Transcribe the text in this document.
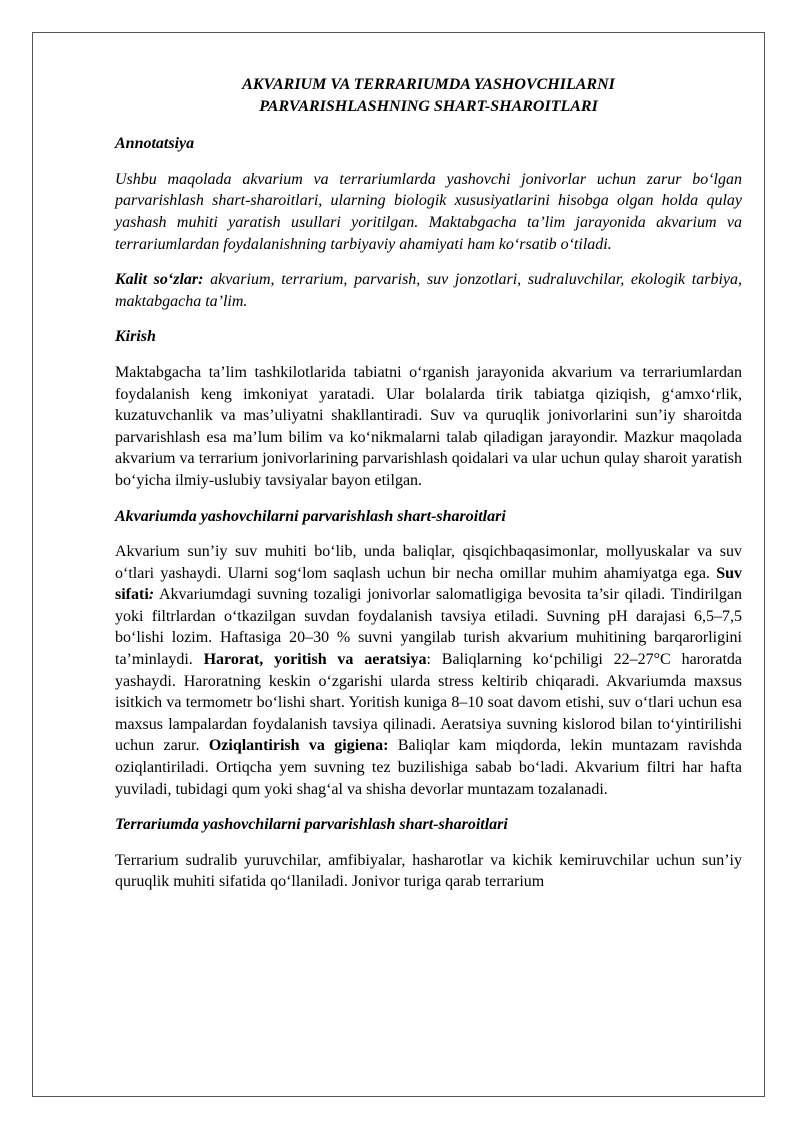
AKVARIUM VA TERRARIUMDA YASHOVCHILARNI
PARVARISHLASHNING SHART-SHAROITLARI
Annotatsiya

Ushbu maqolada akvarium va terrariumlarda yashovchi jonivorlar uchun zarur bo‘lgan parvarishlash shart-sharoitlari, ularning biologik xususiyatlarini hisobga olgan holda qulay yashash muhiti yaratish usullari yoritilgan. Maktabgacha ta’lim jarayonida akvarium va terrariumlardan foydalanishning tarbiyaviy ahamiyati ham ko‘rsatib o‘tiladi.

Kalit so‘zlar: akvarium, terrarium, parvarish, suv jonzotlari, sudraluvchilar, ekologik tarbiya, maktabgacha ta’lim.

Kirish

Maktabgacha ta’lim tashkilotlarida tabiatni o‘rganish jarayonida akvarium va terrariumlardan foydalanish keng imkoniyat yaratadi. Ular bolalarda tirik tabiatga qiziqish, g‘amxo‘rlik, kuzatuvchanlik va mas’uliyatni shakllantiradi. Suv va quruqlik jonivorlarini sun’iy sharoitda parvarishlash esa ma’lum bilim va ko‘nikmalarni talab qiladigan jarayondir. Mazkur maqolada akvarium va terrarium jonivorlarining parvarishlash qoidalari va ular uchun qulay sharoit yaratish bo‘yicha ilmiy-uslubiy tavsiyalar bayon etilgan.

Akvariumda yashovchilarni parvarishlash shart-sharoitlari

Akvarium sun’iy suv muhiti bo‘lib, unda baliqlar, qisqichbaqasimonlar, mollyuskalar va suv o‘tlari yashaydi. Ularni sog‘lom saqlash uchun bir necha omillar muhim ahamiyatga ega. Suv sifati: Akvariumdagi suvning tozaligi jonivorlar salomatligiga bevosita ta’sir qiladi. Tindirilgan yoki filtrlardan o‘tkazilgan suvdan foydalanish tavsiya etiladi. Suvning pH darajasi 6,5–7,5 bo‘lishi lozim. Haftasiga 20–30 % suvni yangilab turish akvarium muhitining barqarorligini ta’minlaydi. Harorat, yoritish va aeratsiya: Baliqlarning ko‘pchiligi 22–27°C haroratda yashaydi. Haroratning keskin o‘zgarishi ularda stress keltirib chiqaradi. Akvariumda maxsus isitkich va termometr bo‘lishi shart. Yoritish kuniga 8–10 soat davom etishi, suv o‘tlari uchun esa maxsus lampalardan foydalanish tavsiya qilinadi. Aeratsiya suvning kislorod bilan to‘yintirilishi uchun zarur. Oziqlantirish va gigiena: Baliqlar kam miqdorda, lekin muntazam ravishda oziqlantiriladi. Ortiqcha yem suvning tez buzilishiga sabab bo‘ladi. Akvarium filtri har hafta yuviladi, tubidagi qum yoki shag‘al va shisha devorlar muntazam tozalanadi.

Terrariumda yashovchilarni parvarishlash shart-sharoitlari

Terrarium sudralib yuruvchilar, amfibiyalar, hasharotlar va kichik kemiruvchilar uchun sun’iy quruqlik muhiti sifatida qo‘llaniladi. Jonivor turiga qarab terrarium
